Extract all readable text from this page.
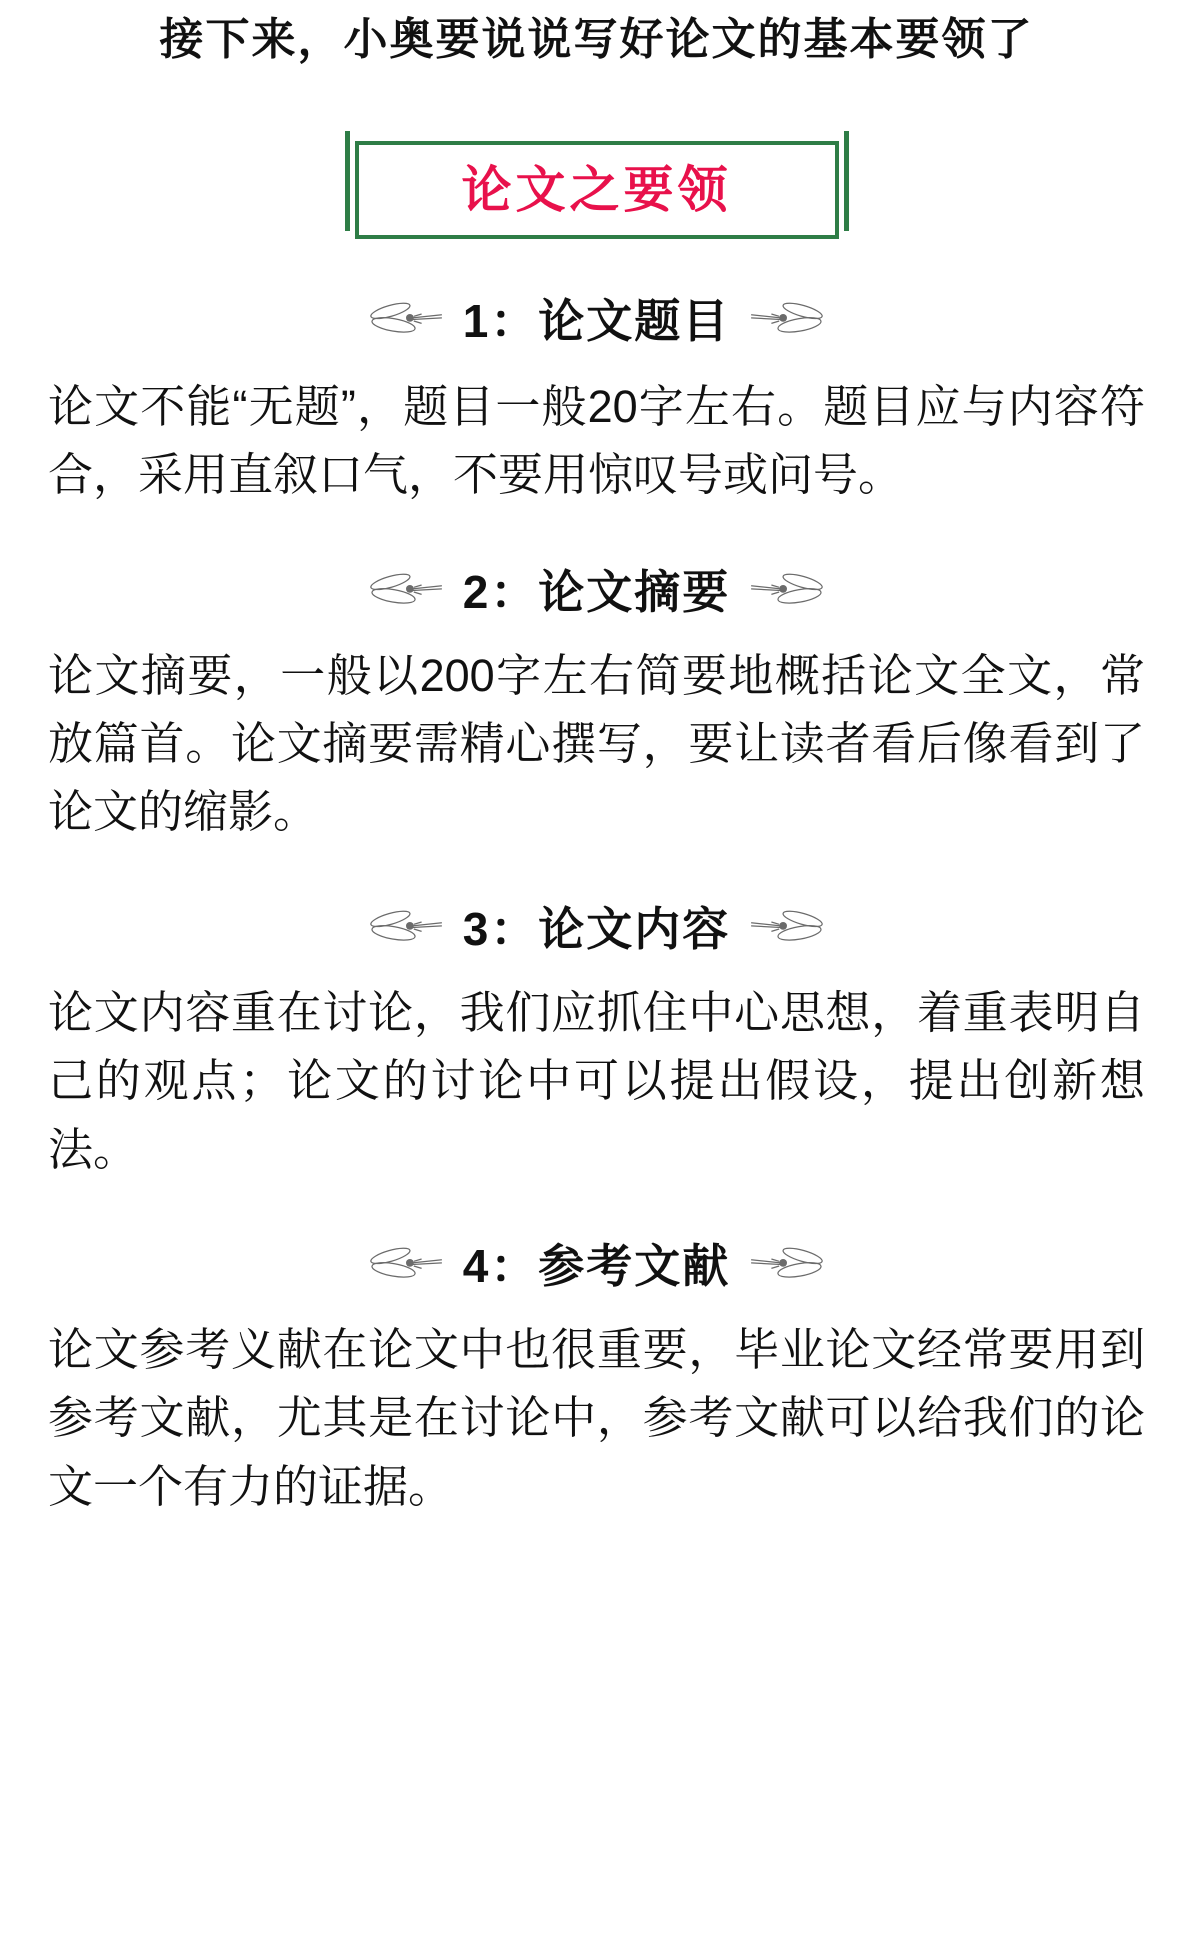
接下来，小奥要说说写好论文的基本要领了
论文之要领
1：论文题目

论文不能“无题”，题目一般20字左右。题目应与内容符合，采用直叙口气，不要用惊叹号或问号。

2：论文摘要

论文摘要，一般以200字左右简要地概括论文全文，常放篇首。论文摘要需精心撰写，要让读者看后像看到了论文的缩影。

3：论文内容

论文内容重在讨论，我们应抓住中心思想，着重表明自己的观点；论文的讨论中可以提出假设，提出创新想法。

4：参考文献

论文参考义献在论文中也很重要，毕业论文经常要用到参考文献，尤其是在讨论中，参考文献可以给我们的论文一个有力的证据。
